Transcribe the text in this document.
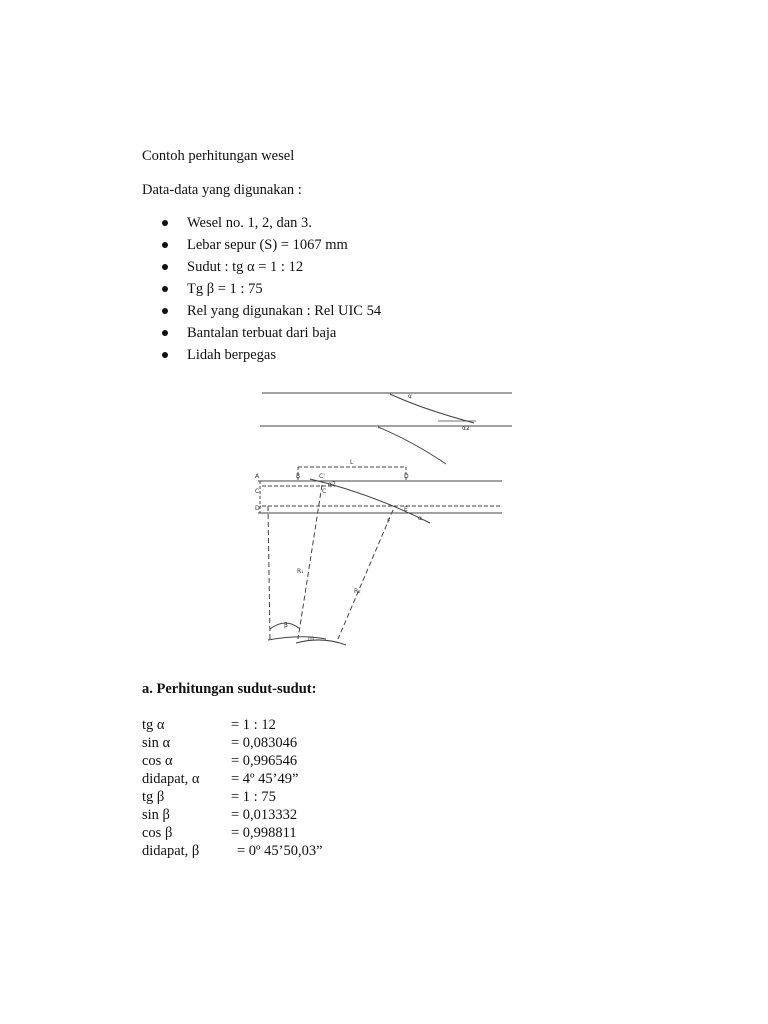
Contoh perhitungan wesel
Data-data yang digunakan :
Wesel no. 1, 2, dan 3.
Lebar sepur (S) = 1067 mm
Sudut : tg α = 1 : 12
Tg β = 1 : 75
Rel yang digunakan : Rel UIC 54
Bantalan terbuat dari baja
Lidah berpegas
α
α2
A	B	C'
α2
L
D
C	C
D'	E
F	α
R₁
R₂
β
m
a. Perhitungan sudut-sudut:
tg α	= 1 : 12
sin α	= 0,083046
cos α	= 0,996546
didapat, α = 4º 45’49”
tg β	= 1 : 75
sin β	= 0,013332
cos β	= 0,998811
didapat, β	= 0º 45’50,03”
